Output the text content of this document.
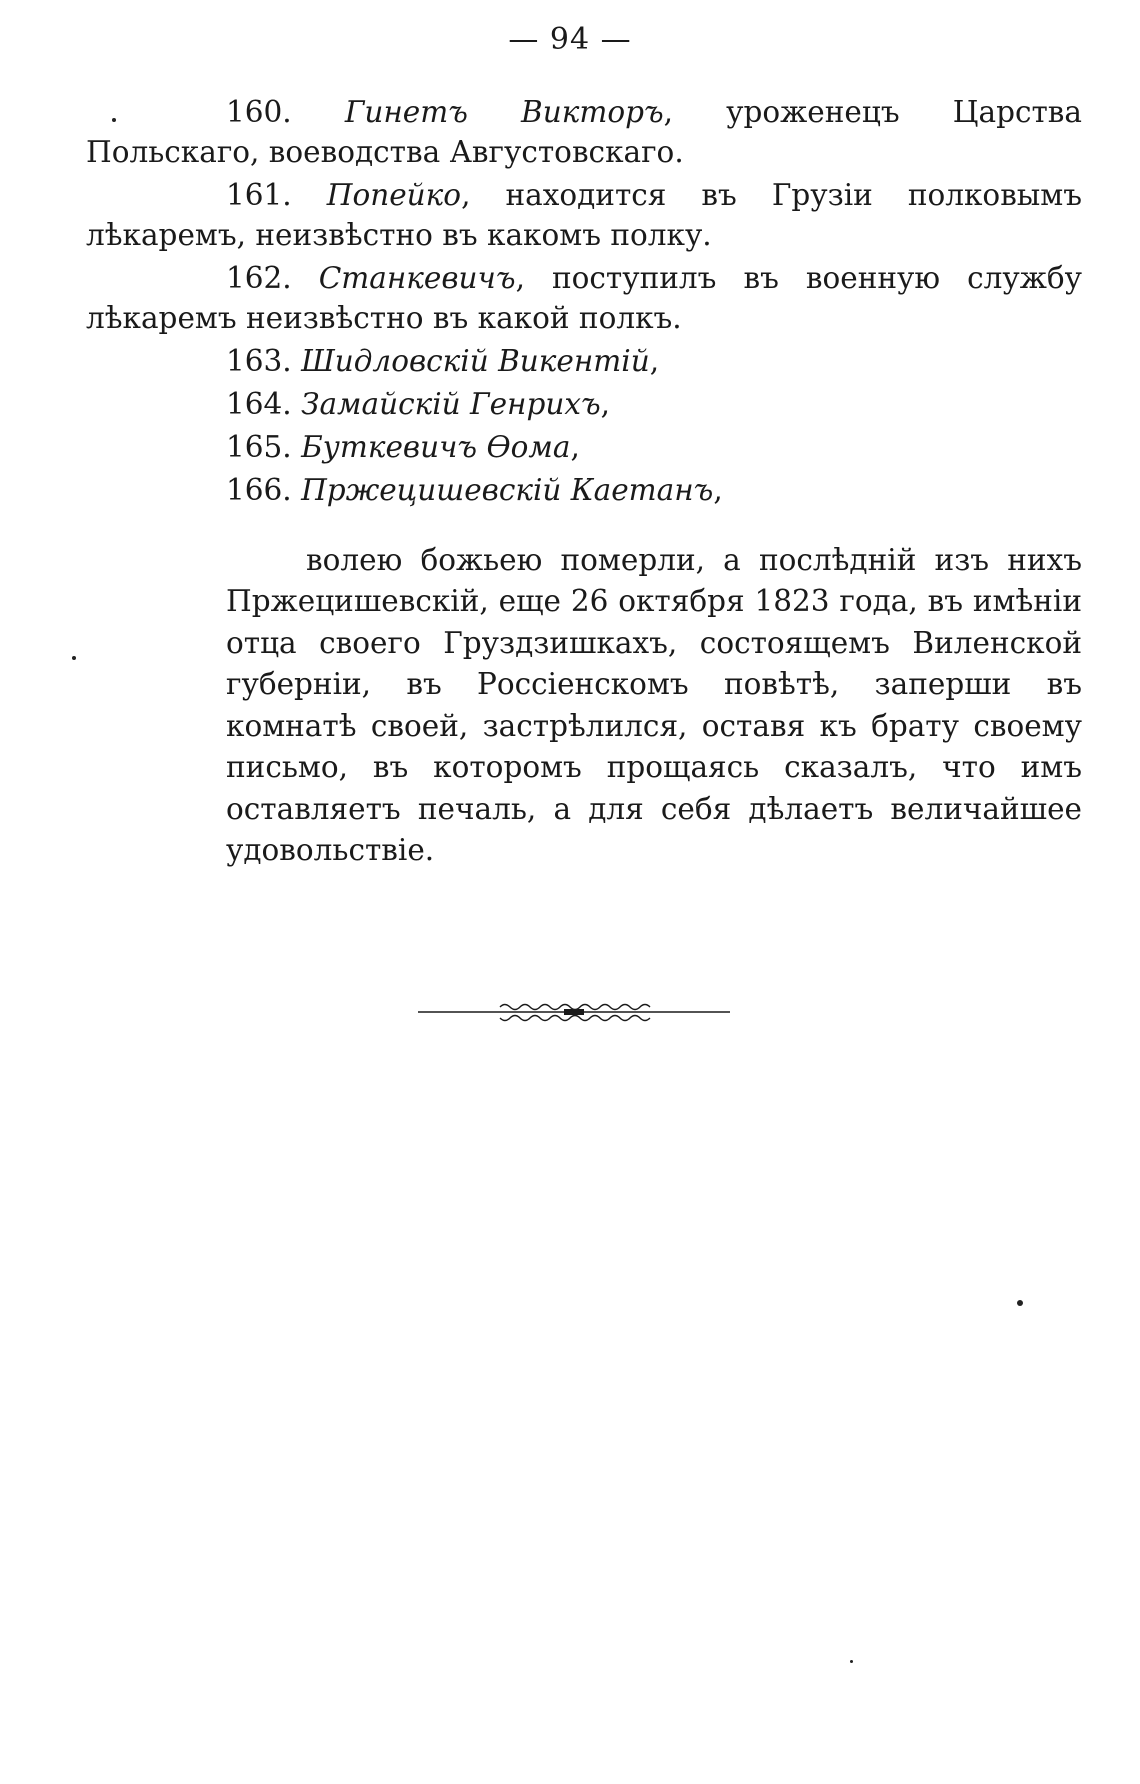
— 94 —

160. Гинетъ Викторъ, уроженецъ Царства Польскаго, воеводства Августовскаго.

161. Попейко, находится въ Грузіи полковымъ лѣкаремъ, неизвѣстно въ какомъ полку.

162. Станкевичъ, поступилъ въ военную службу лѣкаремъ неизвѣстно въ какой полкъ.

163. Шидловскій Викентій,

164. Замайскій Генрихъ,

165. Буткевичъ Ѳома,

166. Пржецишевскій Каетанъ,

волею божьею померли, а послѣдній изъ нихъ Пржецишевскій, еще 26 октября 1823 года, въ имѣніи отца своего Груздзишкахъ, состоящемъ Виленской губерніи, въ Россіенскомъ повѣтѣ, заперши въ комнатѣ своей, застрѣлился, оставя къ брату своему письмо, въ которомъ прощаясь сказалъ, что имъ оставляетъ печаль, а для себя дѣлаетъ величайшее удовольствіе.
